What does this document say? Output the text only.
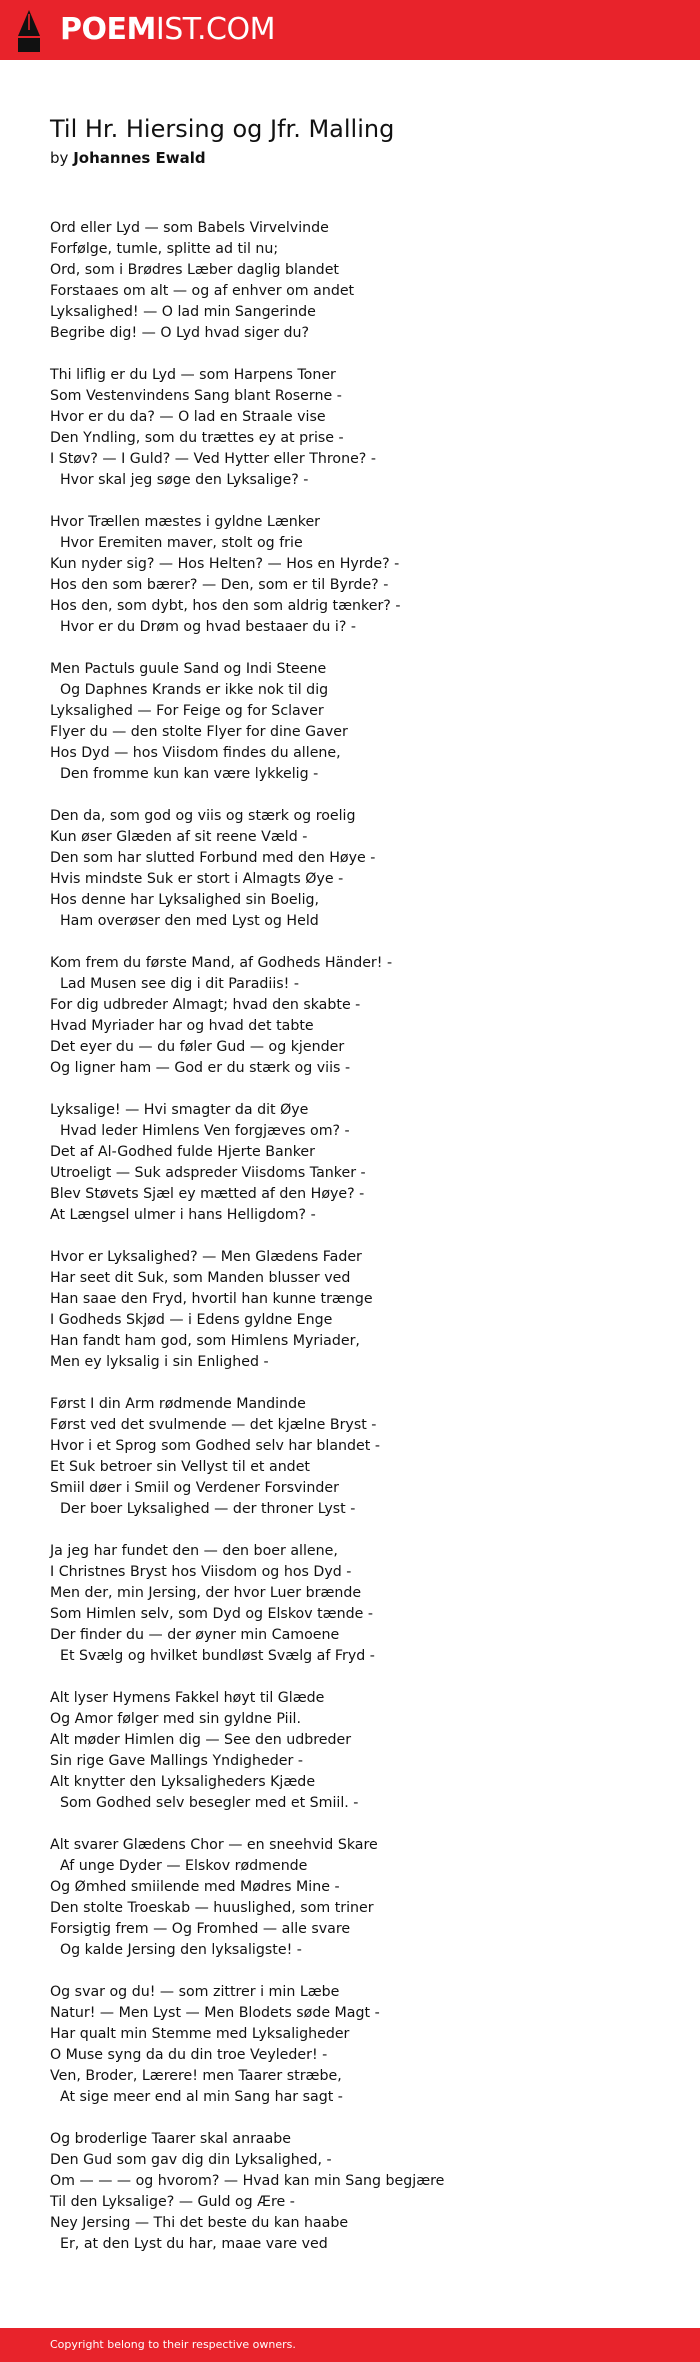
POEMIST.COM
Til Hr. Hiersing og Jfr. Malling
by Johannes Ewald
Ord eller Lyd — som Babels Virvelvinde
Forfølge, tumle, splitte ad til nu;
Ord, som i Brødres Læber daglig blandet
Forstaaes om alt — og af enhver om andet
Lyksalighed! — O lad min Sangerinde
Begribe dig! — O Lyd hvad siger du?
Thi liflig er du Lyd — som Harpens Toner
Som Vestenvindens Sang blant Roserne -
Hvor er du da? — O lad en Straale vise
Den Yndling, som du trættes ey at prise -
I Støv? — I Guld? — Ved Hytter eller Throne? -
Hvor skal jeg søge den Lyksalige? -
Hvor Trællen mæstes i gyldne Lænker
Hvor Eremiten maver, stolt og frie
Kun nyder sig? — Hos Helten? — Hos en Hyrde? -
Hos den som bærer? — Den, som er til Byrde? -
Hos den, som dybt, hos den som aldrig tænker? -
Hvor er du Drøm og hvad bestaaer du i? -
Men Pactuls guule Sand og Indi Steene
Og Daphnes Krands er ikke nok til dig
Lyksalighed — For Feige og for Sclaver
Flyer du — den stolte Flyer for dine Gaver
Hos Dyd — hos Viisdom findes du allene,
Den fromme kun kan være lykkelig -
Den da, som god og viis og stærk og roelig
Kun øser Glæden af sit reene Væld -
Den som har slutted Forbund med den Høye -
Hvis mindste Suk er stort i Almagts Øye -
Hos denne har Lyksalighed sin Boelig,
Ham overøser den med Lyst og Held
Kom frem du første Mand, af Godheds Händer! -
Lad Musen see dig i dit Paradiis! -
For dig udbreder Almagt; hvad den skabte -
Hvad Myriader har og hvad det tabte
Det eyer du — du føler Gud — og kjender
Og ligner ham — God er du stærk og viis -
Lyksalige! — Hvi smagter da dit Øye
Hvad leder Himlens Ven forgjæves om? -
Det af Al-Godhed fulde Hjerte Banker
Utroeligt — Suk adspreder Viisdoms Tanker -
Blev Støvets Sjæl ey mætted af den Høye? -
At Længsel ulmer i hans Helligdom? -
Hvor er Lyksalighed? — Men Glædens Fader
Har seet dit Suk, som Manden blusser ved
Han saae den Fryd, hvortil han kunne trænge
I Godheds Skjød — i Edens gyldne Enge
Han fandt ham god, som Himlens Myriader,
Men ey lyksalig i sin Enlighed -
Først I din Arm rødmende Mandinde
Først ved det svulmende — det kjælne Bryst -
Hvor i et Sprog som Godhed selv har blandet -
Et Suk betroer sin Vellyst til et andet
Smiil døer i Smiil og Verdener Forsvinder
Der boer Lyksalighed — der throner Lyst -
Ja jeg har fundet den — den boer allene,
I Christnes Bryst hos Viisdom og hos Dyd -
Men der, min Jersing, der hvor Luer brænde
Som Himlen selv, som Dyd og Elskov tænde -
Der finder du — der øyner min Camoene
Et Svælg og hvilket bundløst Svælg af Fryd -
Alt lyser Hymens Fakkel høyt til Glæde
Og Amor følger med sin gyldne Piil.
Alt møder Himlen dig — See den udbreder
Sin rige Gave Mallings Yndigheder -
Alt knytter den Lyksaligheders Kjæde
Som Godhed selv besegler med et Smiil. -
Alt svarer Glædens Chor — en sneehvid Skare
Af unge Dyder — Elskov rødmende
Og Ømhed smiilende med Mødres Mine -
Den stolte Troeskab — huuslighed, som triner
Forsigtig frem — Og Fromhed — alle svare
Og kalde Jersing den lyksaligste! -
Og svar og du! — som zittrer i min Læbe
Natur! — Men Lyst — Men Blodets søde Magt -
Har qualt min Stemme med Lyksaligheder
O Muse syng da du din troe Veyleder! -
Ven, Broder, Lærere! men Taarer stræbe,
At sige meer end al min Sang har sagt -
Og broderlige Taarer skal anraabe
Den Gud som gav dig din Lyksalighed, -
Om — — — og hvorom? — Hvad kan min Sang begjære
Til den Lyksalige? — Guld og Ære -
Ney Jersing — Thi det beste du kan haabe
Er, at den Lyst du har, maae vare ved
Copyright belong to their respective owners.
